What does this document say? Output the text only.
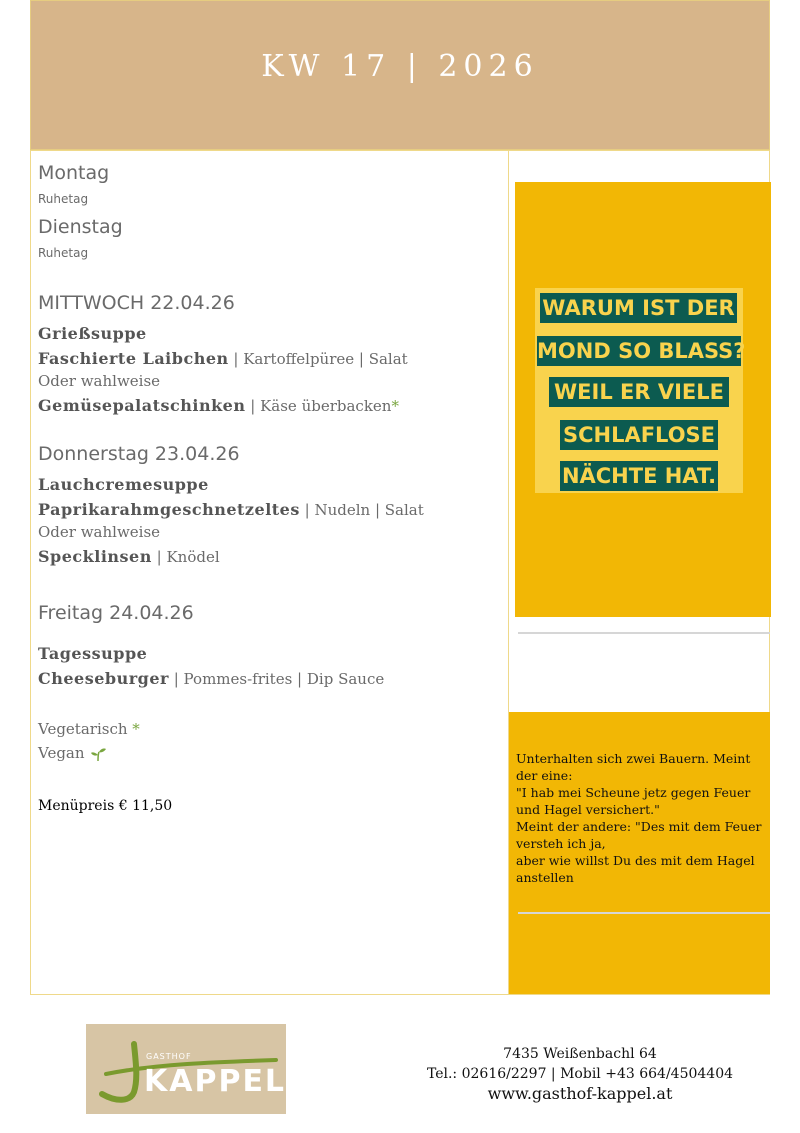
KW 17 | 2026

Montag

Ruhetag

Dienstag

Ruhetag

MITTWOCH 22.04.26

Grießsuppe

Faschierte Laibchen | Kartoffelpüree | Salat

Oder wahlweise

Gemüsepalatschinken | Käse überbacken*

Donnerstag 23.04.26

Lauchcremesuppe

Paprikarahmgeschnetzeltes | Nudeln | Salat

Oder wahlweise

Specklinsen | Knödel

Freitag 24.04.26

Tagessuppe

Cheeseburger | Pommes-frites | Dip Sauce

Vegetarisch *

Vegan

Menüpreis € 11,50

WARUM IST DER
MOND SO BLASS?
WEIL ER VIELE
SCHLAFLOSE
NÄCHTE HAT.
Unterhalten sich zwei Bauern. Meint der eine:
"I hab mei Scheune jetz gegen Feuer und Hagel versichert."
Meint der andere: "Des mit dem Feuer versteh ich ja,
aber wie willst Du des mit dem Hagel anstellen
GASTHOF
KAPPEL
7435 Weißenbachl 64
Tel.: 02616/2297 | Mobil +43 664/4504404
www.gasthof-kappel.at
